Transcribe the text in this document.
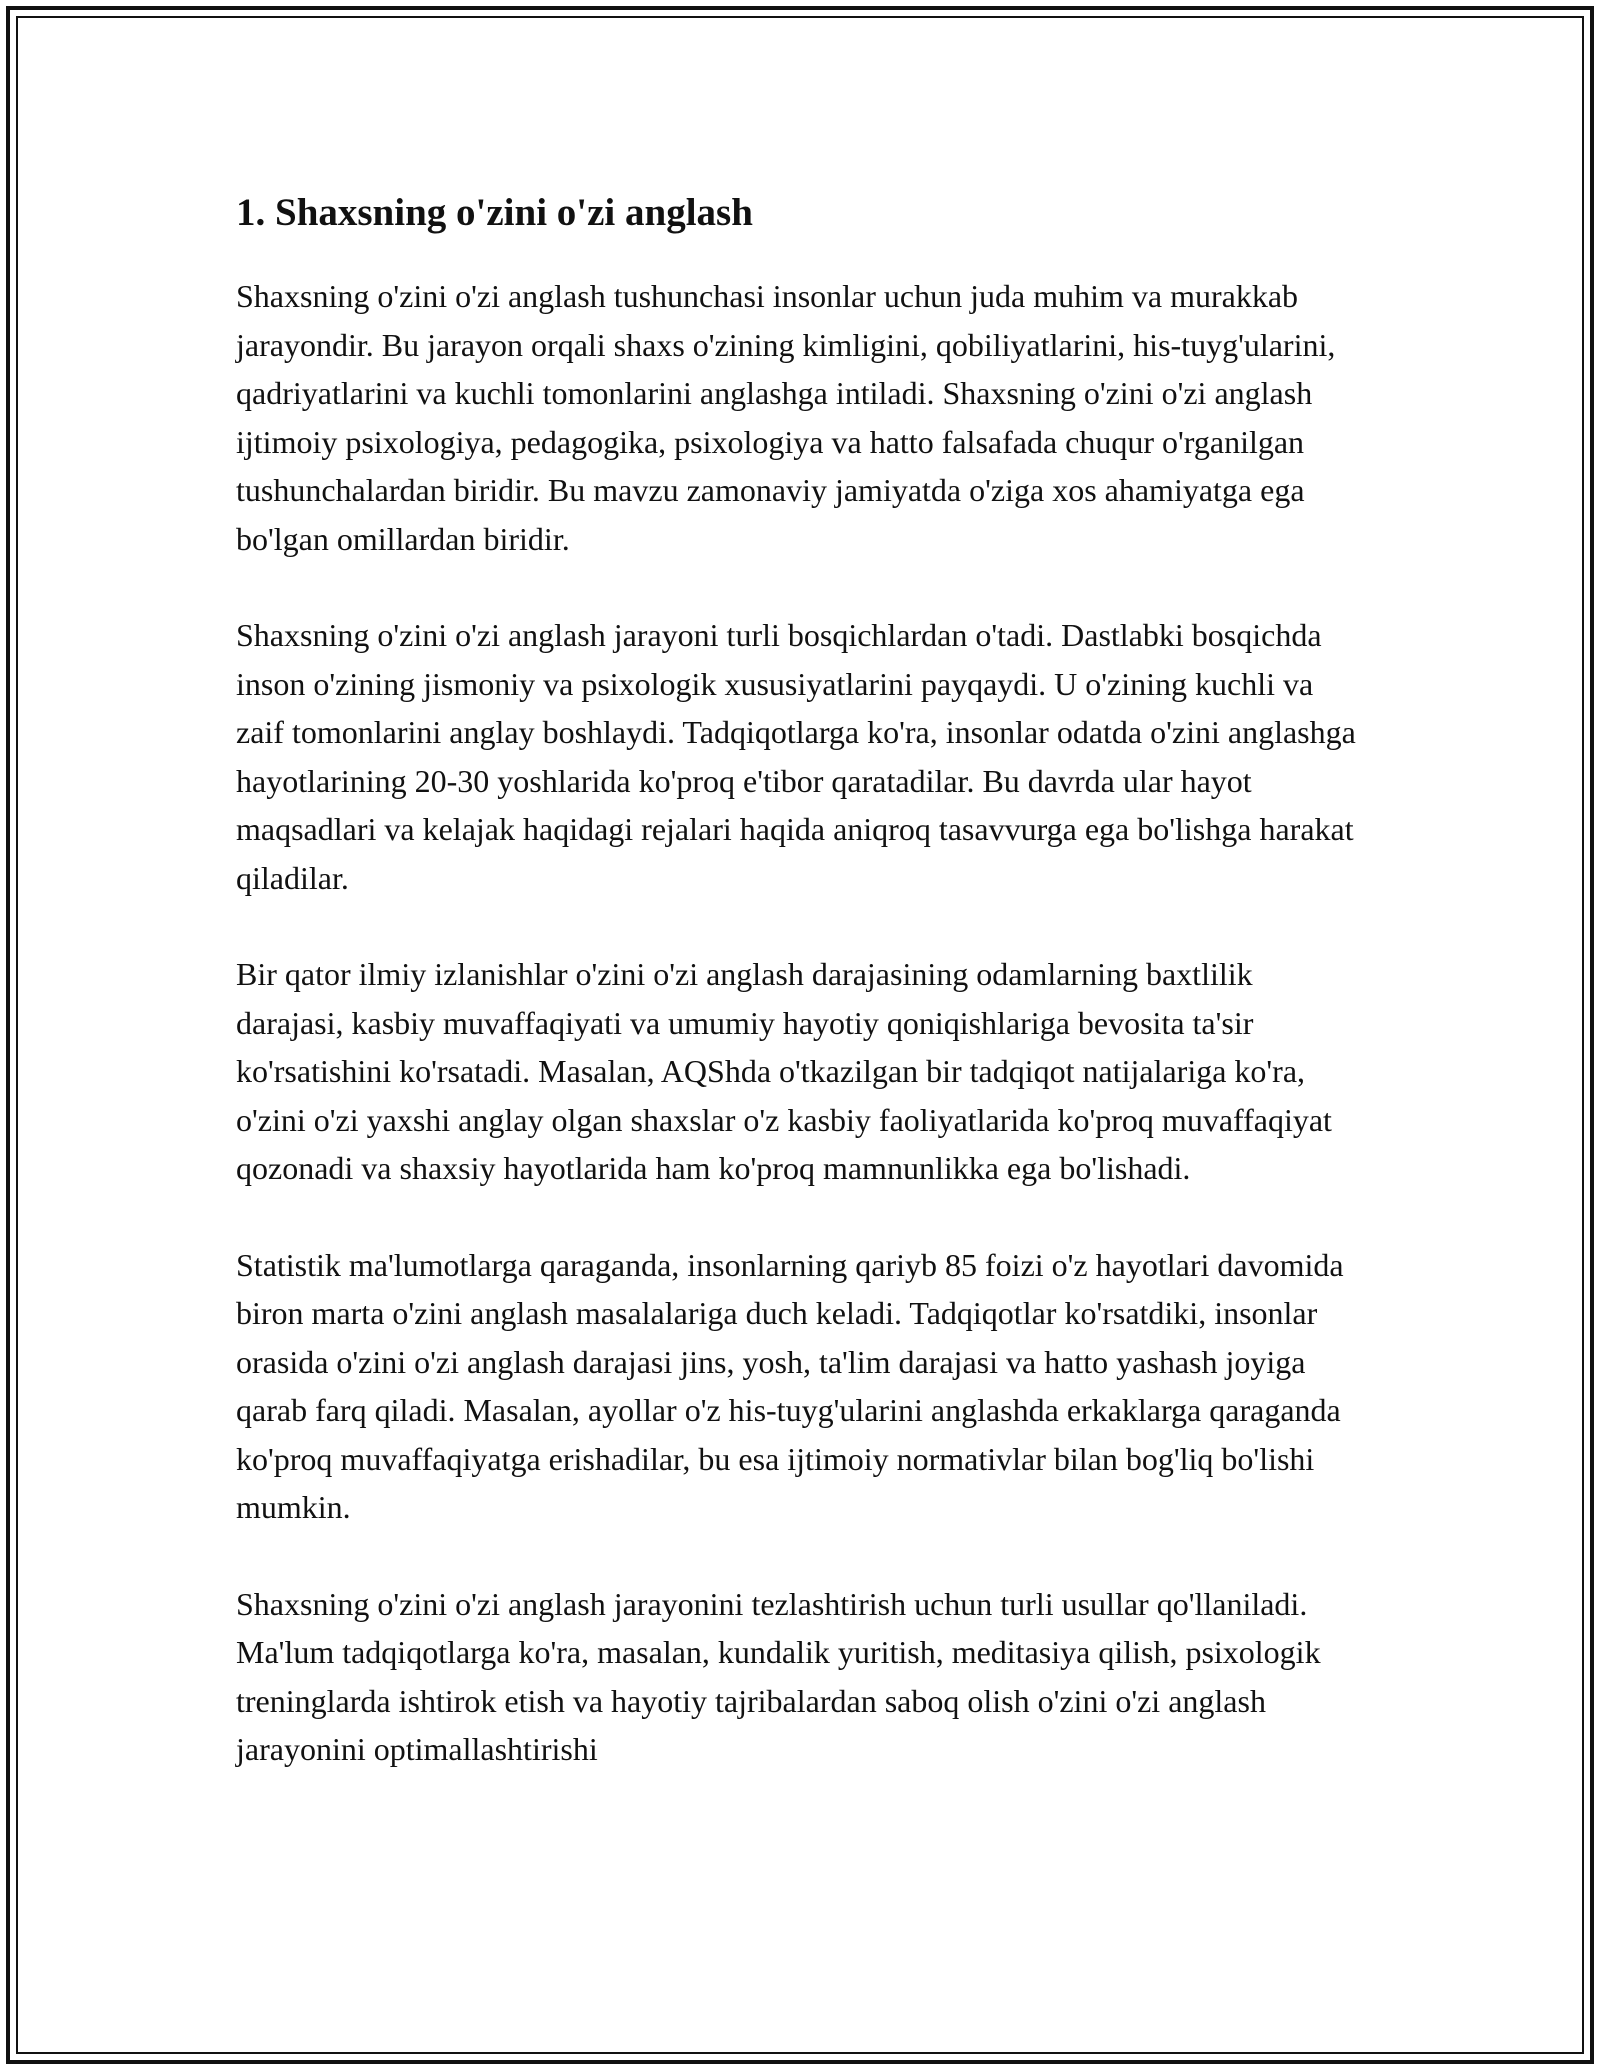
1. Shaxsning o'zini o'zi anglash

Shaxsning o'zini o'zi anglash tushunchasi insonlar uchun juda muhim va murakkab jarayondir. Bu jarayon orqali shaxs o'zining kimligini, qobiliyatlarini, his-tuyg'ularini, qadriyatlarini va kuchli tomonlarini anglashga intiladi. Shaxsning o'zini o'zi anglash ijtimoiy psixologiya, pedagogika, psixologiya va hatto falsafada chuqur o'rganilgan tushunchalardan biridir. Bu mavzu zamonaviy jamiyatda o'ziga xos ahamiyatga ega bo'lgan omillardan biridir.

Shaxsning o'zini o'zi anglash jarayoni turli bosqichlardan o'tadi. Dastlabki bosqichda inson o'zining jismoniy va psixologik xususiyatlarini payqaydi. U o'zining kuchli va zaif tomonlarini anglay boshlaydi. Tadqiqotlarga ko'ra, insonlar odatda o'zini anglashga hayotlarining 20-30 yoshlarida ko'proq e'tibor qaratadilar. Bu davrda ular hayot maqsadlari va kelajak haqidagi rejalari haqida aniqroq tasavvurga ega bo'lishga harakat qiladilar.

Bir qator ilmiy izlanishlar o'zini o'zi anglash darajasining odamlarning baxtlilik darajasi, kasbiy muvaffaqiyati va umumiy hayotiy qoniqishlariga bevosita ta'sir ko'rsatishini ko'rsatadi. Masalan, AQShda o'tkazilgan bir tadqiqot natijalariga ko'ra, o'zini o'zi yaxshi anglay olgan shaxslar o'z kasbiy faoliyatlarida ko'proq muvaffaqiyat qozonadi va shaxsiy hayotlarida ham ko'proq mamnunlikka ega bo'lishadi.

Statistik ma'lumotlarga qaraganda, insonlarning qariyb 85 foizi o'z hayotlari davomida biron marta o'zini anglash masalalariga duch keladi. Tadqiqotlar ko'rsatdiki, insonlar orasida o'zini o'zi anglash darajasi jins, yosh, ta'lim darajasi va hatto yashash joyiga qarab farq qiladi. Masalan, ayollar o'z his-tuyg'ularini anglashda erkaklarga qaraganda ko'proq muvaffaqiyatga erishadilar, bu esa ijtimoiy normativlar bilan bog'liq bo'lishi mumkin.

Shaxsning o'zini o'zi anglash jarayonini tezlashtirish uchun turli usullar qo'llaniladi. Ma'lum tadqiqotlarga ko'ra, masalan, kundalik yuritish, meditasiya qilish, psixologik treninglarda ishtirok etish va hayotiy tajribalardan saboq olish o'zini o'zi anglash jarayonini optimallashtirishi
